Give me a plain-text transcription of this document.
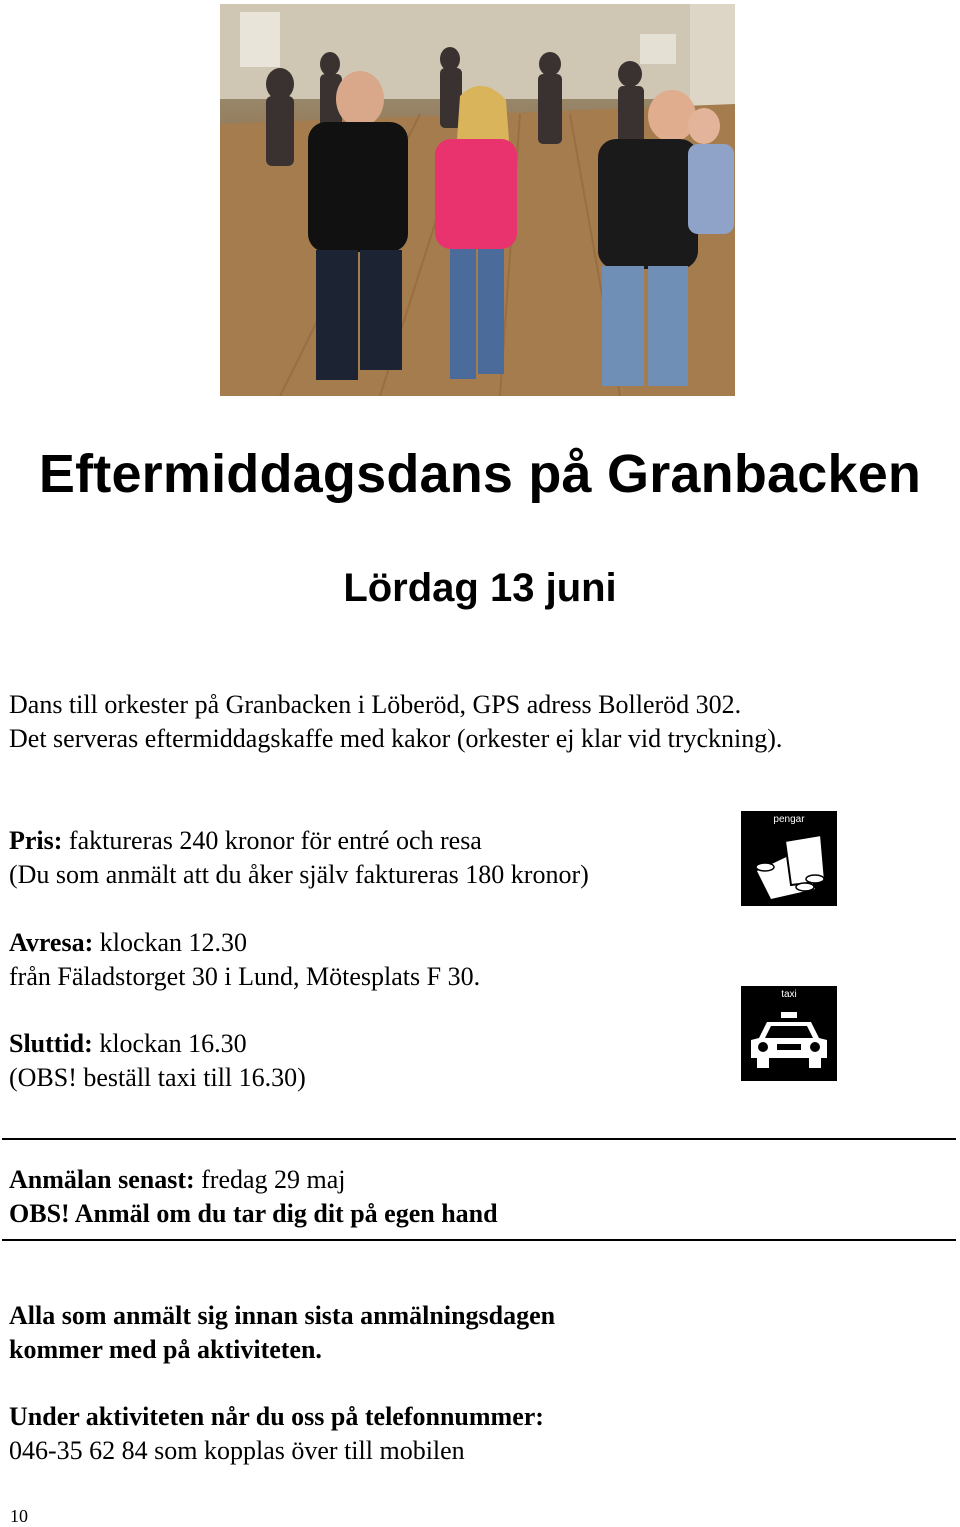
Eftermiddagsdans på Granbacken
Lördag 13 juni
Dans till orkester på Granbacken i Löberöd, GPS adress Bolleröd 302.
Det serveras eftermiddagskaffe med kakor (orkester ej klar vid tryckning).
Pris: faktureras 240 kronor för entré och resa
(Du som anmält att du åker själv faktureras 180 kronor)
Avresa: klockan 12.30
från Fäladstorget 30 i Lund, Mötesplats F 30.
Sluttid: klockan 16.30
(OBS! beställ taxi till 16.30)
pengar
taxi
Anmälan senast: fredag 29 maj
OBS! Anmäl om du tar dig dit på egen hand
Alla som anmält sig innan sista anmälningsdagen
kommer med på aktiviteten.
Under aktiviteten når du oss på telefonnummer:
046-35 62 84 som kopplas över till mobilen
10
